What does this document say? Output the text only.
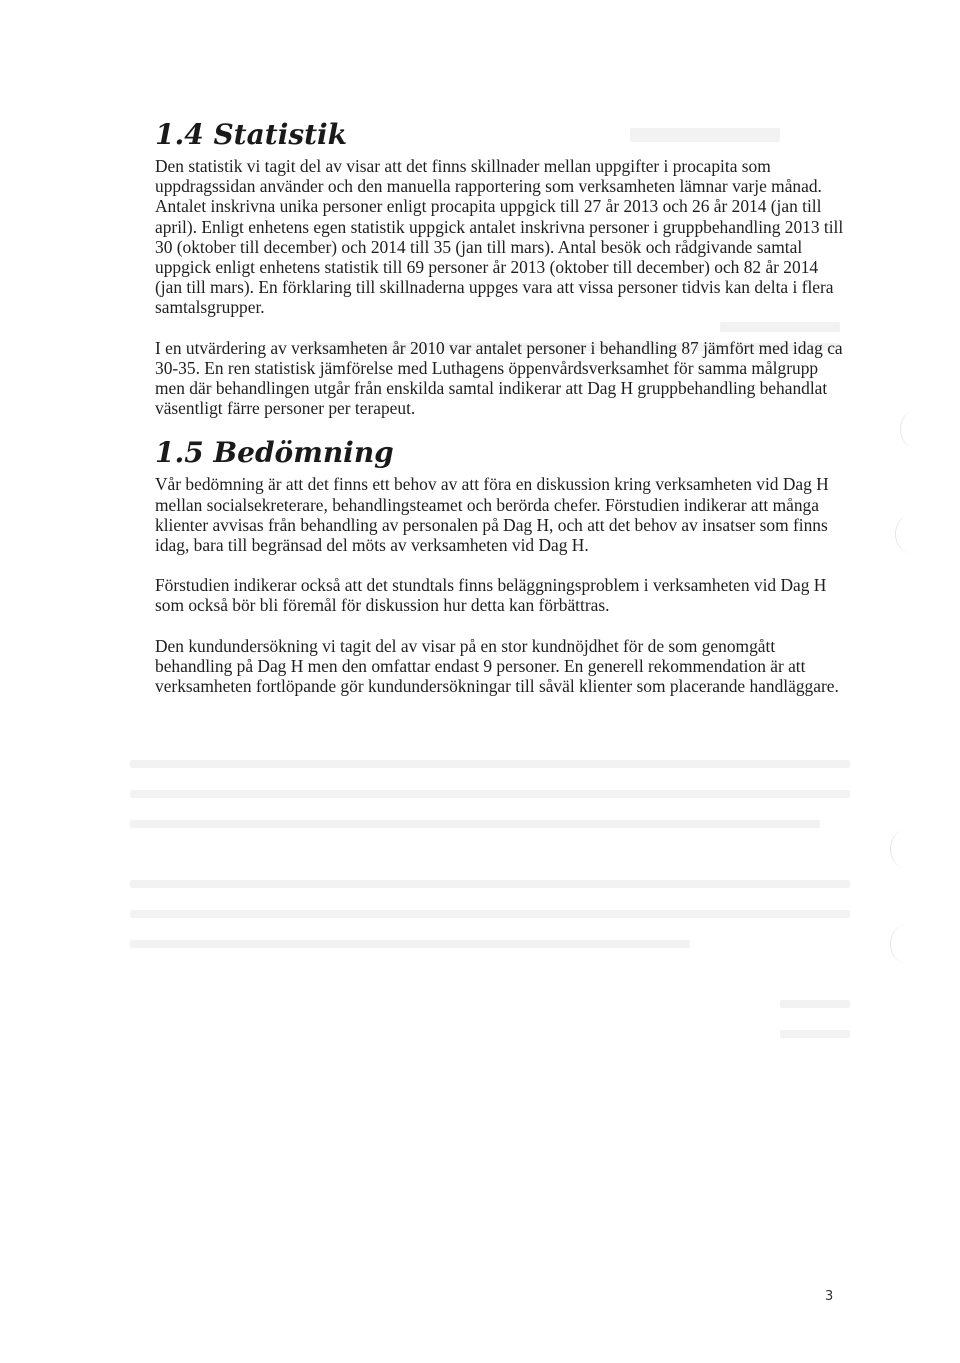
1.4 Statistik

Den statistik vi tagit del av visar att det finns skillnader mellan uppgifter i procapita som uppdragssidan använder och den manuella rapportering som verksamheten lämnar varje månad. Antalet inskrivna unika personer enligt procapita uppgick till 27 år 2013 och 26 år 2014 (jan till april). Enligt enhetens egen statistik uppgick antalet inskrivna personer i gruppbehandling 2013 till 30 (oktober till december) och 2014 till 35 (jan till mars). Antal besök och rådgivande samtal uppgick enligt enhetens statistik till 69 personer år 2013 (oktober till december) och 82 år 2014 (jan till mars). En förklaring till skillnaderna uppges vara att vissa personer tidvis kan delta i flera samtalsgrupper.

I en utvärdering av verksamheten år 2010 var antalet personer i behandling 87 jämfört med idag ca 30-35. En ren statistisk jämförelse med Luthagens öppenvårdsverksamhet för samma målgrupp men där behandlingen utgår från enskilda samtal indikerar att Dag H gruppbehandling behandlat väsentligt färre personer per terapeut.

1.5 Bedömning

Vår bedömning är att det finns ett behov av att föra en diskussion kring verksamheten vid Dag H mellan socialsekreterare, behandlingsteamet och berörda chefer. Förstudien indikerar att många klienter avvisas från behandling av personalen på Dag H, och att det behov av insatser som finns idag, bara till begränsad del möts av verksamheten vid Dag H.

Förstudien indikerar också att det stundtals finns beläggningsproblem i verksamheten vid Dag H som också bör bli föremål för diskussion hur detta kan förbättras.

Den kundundersökning vi tagit del av visar på en stor kundnöjdhet för de som genomgått behandling på Dag H men den omfattar endast 9 personer. En generell rekommendation är att verksamheten fortlöpande gör kundundersökningar till såväl klienter som placerande handläggare.

3
